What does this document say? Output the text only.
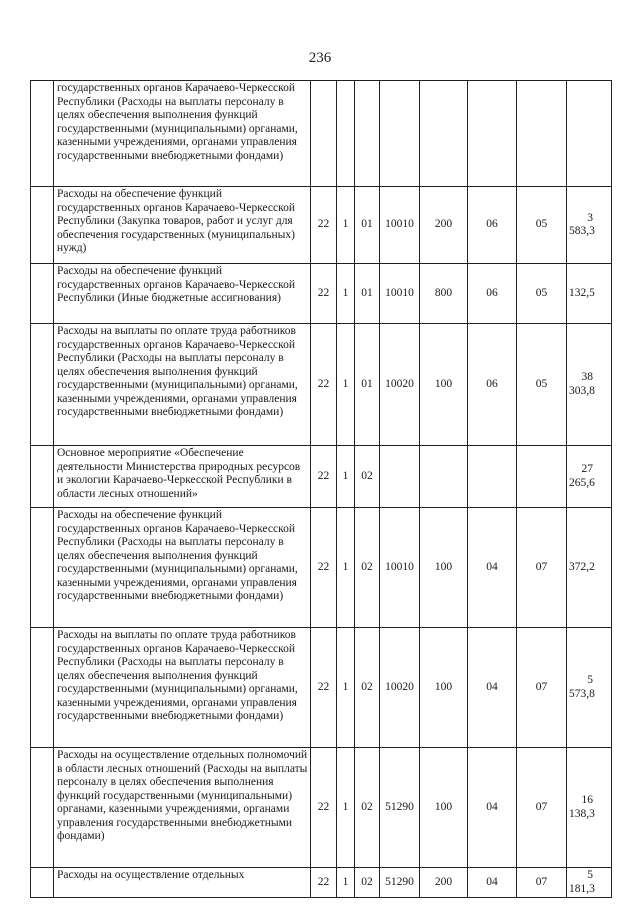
236
	государственных органов Карачаево-Черкесской Республики (Расходы на выплаты персоналу в целях обеспечения выполнения функций государственными (муниципальными) органами, казенными учреждениями, органами управления государственными внебюджетными фондами)								
	Расходы на обеспечение функций государственных органов Карачаево-Черкесской Республики (Закупка товаров, работ и услуг для обеспечения государственных (муниципальных) нужд)	22	1	01	10010	200	06	05	3 583,3
	Расходы на обеспечение функций государственных органов Карачаево-Черкесской Республики (Иные бюджетные ассигнования)	22	1	01	10010	800	06	05	132,5
	Расходы на выплаты по оплате труда работников государственных органов Карачаево-Черкесской Республики (Расходы на выплаты персоналу в целях обеспечения выполнения функций государственными (муниципальными) органами, казенными учреждениями, органами управления государственными внебюджетными фондами)	22	1	01	10020	100	06	05	38 303,8
	Основное мероприятие «Обеспечение деятельности Министерства природных ресурсов и экологии Карачаево-Черкесской Республики в области лесных отношений»	22	1	02					27 265,6
	Расходы на обеспечение функций государственных органов Карачаево-Черкесской Республики (Расходы на выплаты персоналу в целях обеспечения выполнения функций государственными (муниципальными) органами, казенными учреждениями, органами управления государственными внебюджетными фондами)	22	1	02	10010	100	04	07	372,2
	Расходы на выплаты по оплате труда работников государственных органов Карачаево-Черкесской Республики (Расходы на выплаты персоналу в целях обеспечения выполнения функций государственными (муниципальными) органами, казенными учреждениями, органами управления государственными внебюджетными фондами)	22	1	02	10020	100	04	07	5 573,8
	Расходы на осуществление отдельных полномочий в области лесных отношений (Расходы на выплаты персоналу в целях обеспечения выполнения функций государственными (муниципальными) органами, казенными учреждениями, органами управления государственными внебюджетными фондами)	22	1	02	51290	100	04	07	16 138,3
	Расходы на осуществление отдельных	22	1	02	51290	200	04	07	5 181,3
